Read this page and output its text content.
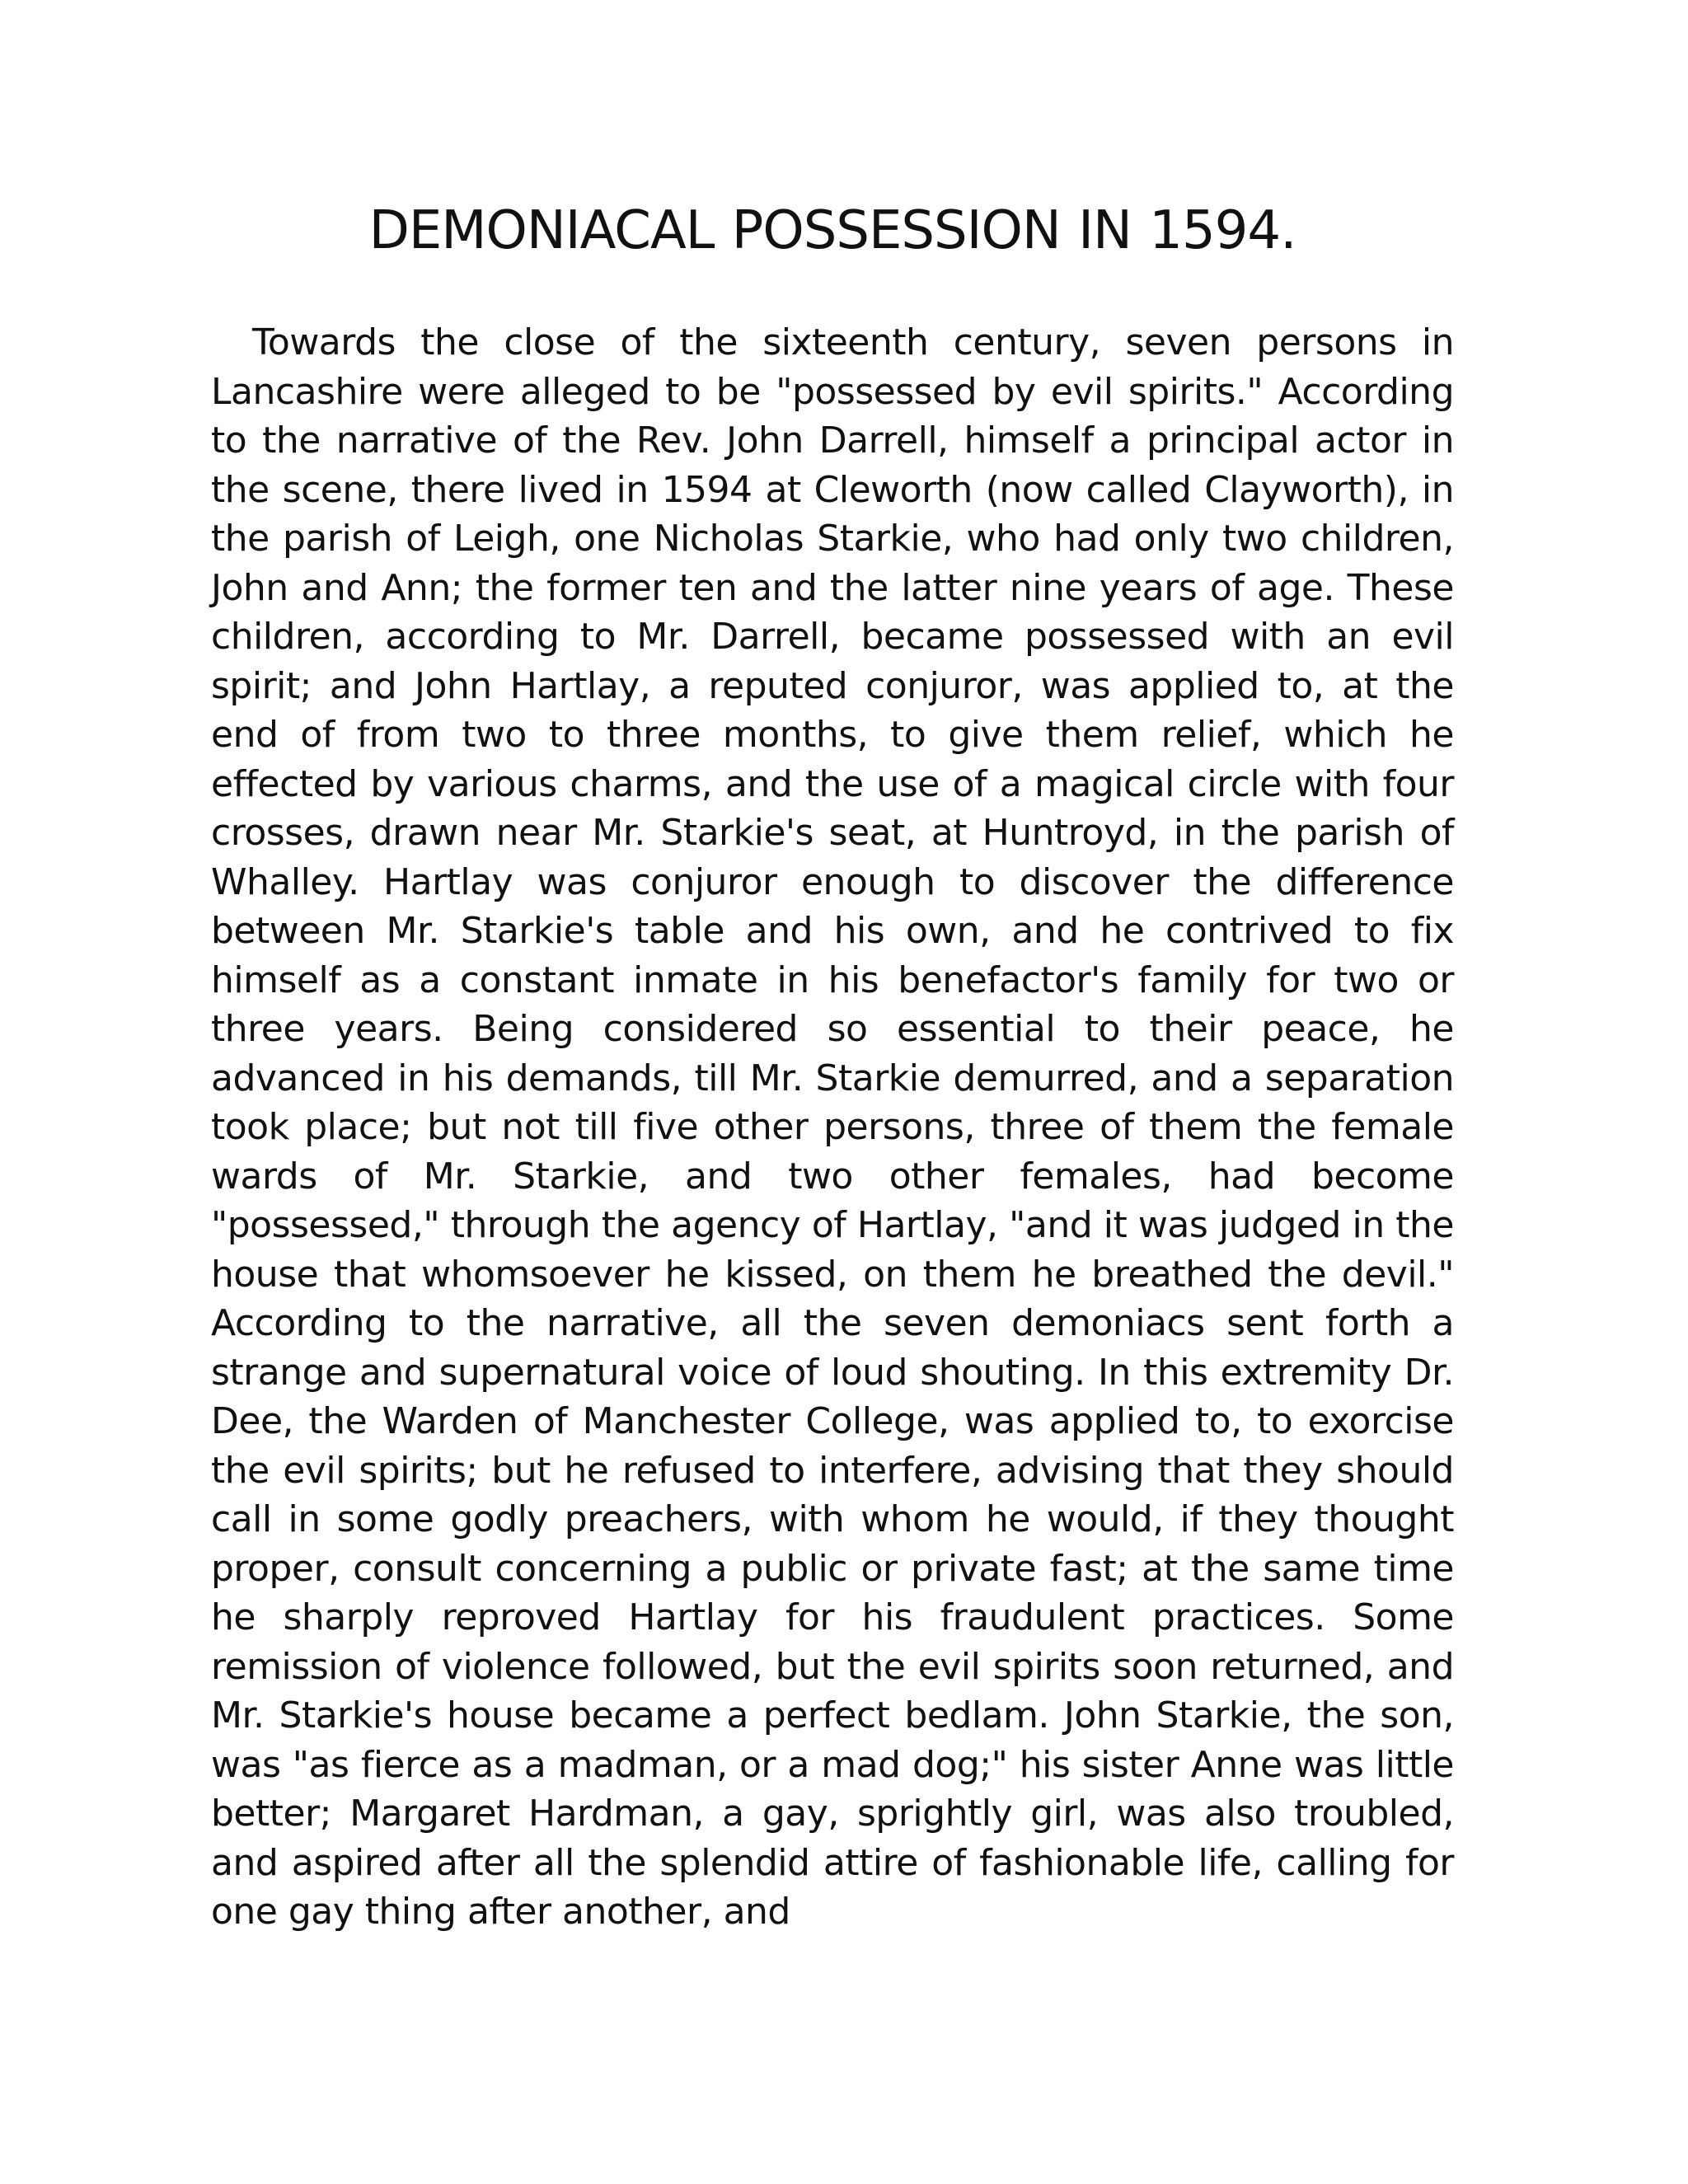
DEMONIACAL POSSESSION IN 1594.

Towards the close of the sixteenth century, seven persons in Lancashire were alleged to be "possessed by evil spirits." According to the narrative of the Rev. John Darrell, himself a principal actor in the scene, there lived in 1594 at Cleworth (now called Clayworth), in the parish of Leigh, one Nicholas Starkie, who had only two children, John and Ann; the former ten and the latter nine years of age. These children, according to Mr. Darrell, became possessed with an evil spirit; and John Hartlay, a reputed conjuror, was applied to, at the end of from two to three months, to give them relief, which he effected by various charms, and the use of a magical circle with four crosses, drawn near Mr. Starkie's seat, at Huntroyd, in the parish of Whalley. Hartlay was conjuror enough to discover the difference between Mr. Starkie's table and his own, and he contrived to fix himself as a constant inmate in his benefactor's family for two or three years. Being considered so essential to their peace, he advanced in his demands, till Mr. Starkie demurred, and a separation took place; but not till five other persons, three of them the female wards of Mr. Starkie, and two other females, had become "possessed," through the agency of Hartlay, "and it was judged in the house that whomsoever he kissed, on them he breathed the devil." According to the narrative, all the seven demoniacs sent forth a strange and supernatural voice of loud shouting. In this extremity Dr. Dee, the Warden of Manchester College, was applied to, to exorcise the evil spirits; but he refused to interfere, advising that they should call in some godly preachers, with whom he would, if they thought proper, consult concerning a public or private fast; at the same time he sharply reproved Hartlay for his fraudulent practices. Some remission of violence followed, but the evil spirits soon returned, and Mr. Starkie's house became a perfect bedlam. John Starkie, the son, was "as fierce as a madman, or a mad dog;" his sister Anne was little better; Margaret Hardman, a gay, sprightly girl, was also troubled, and aspired after all the splendid attire of fashionable life, calling for one gay thing after another, and
